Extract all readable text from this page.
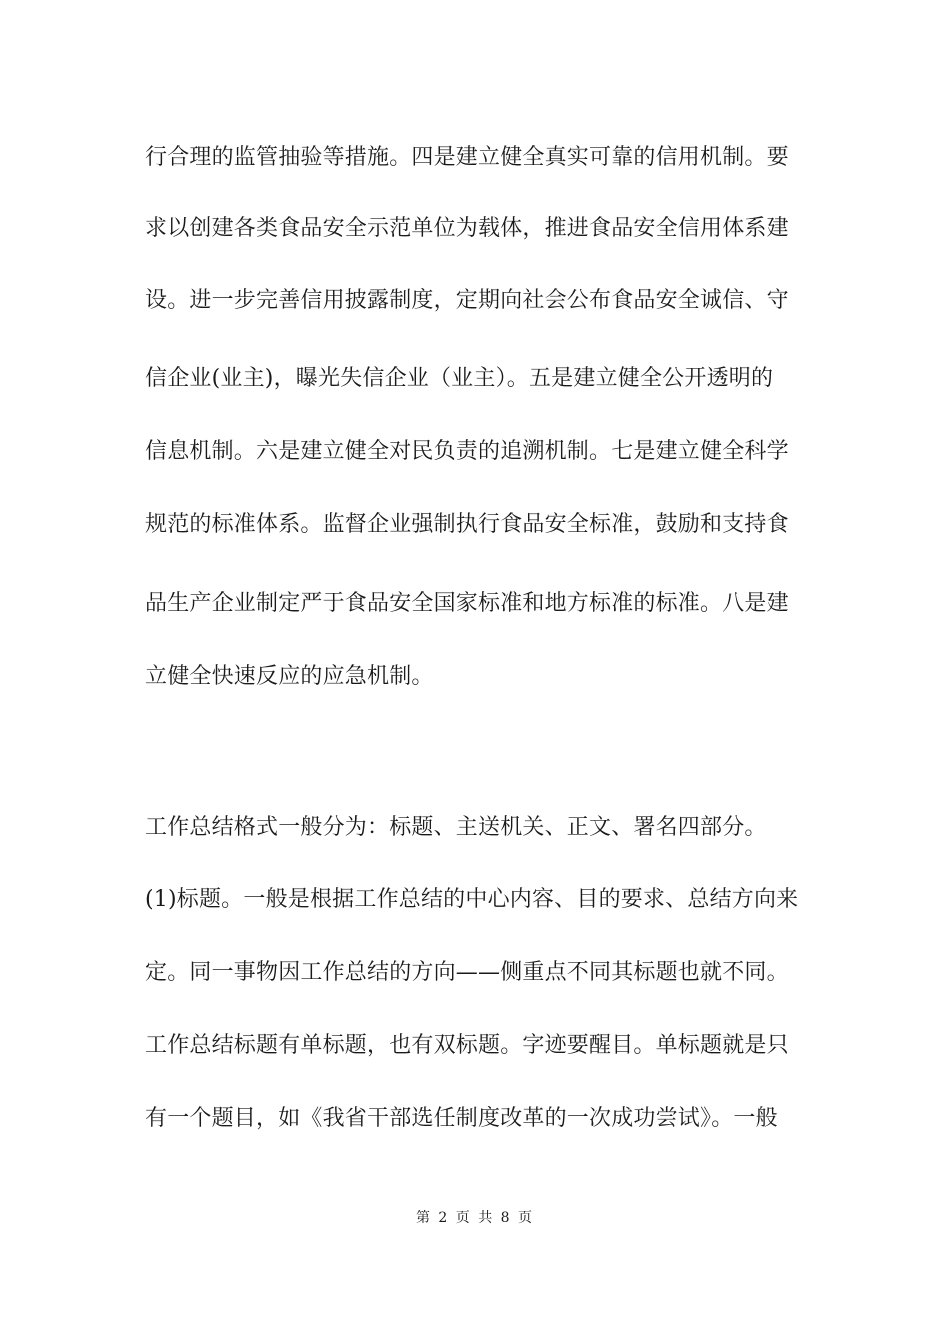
行合理的监管抽验等措施。四是建立健全真实可靠的信用机制。要
求以创建各类食品安全示范单位为载体，推进食品安全信用体系建
设。进一步完善信用披露制度，定期向社会公布食品安全诚信、守
信企业(业主)，曝光失信企业（业主）。五是建立健全公开透明的
信息机制。六是建立健全对民负责的追溯机制。七是建立健全科学
规范的标准体系。监督企业强制执行食品安全标准，鼓励和支持食
品生产企业制定严于食品安全国家标准和地方标准的标准。八是建
立健全快速反应的应急机制。
工作总结格式一般分为：标题、主送机关、正文、署名四部分。
(1)标题。一般是根据工作总结的中心内容、目的要求、总结方向来
定。同一事物因工作总结的方向——侧重点不同其标题也就不同。
工作总结标题有单标题，也有双标题。字迹要醒目。单标题就是只
有一个题目，如《我省干部选任制度改革的一次成功尝试》。一般
第 2 页 共 8 页
